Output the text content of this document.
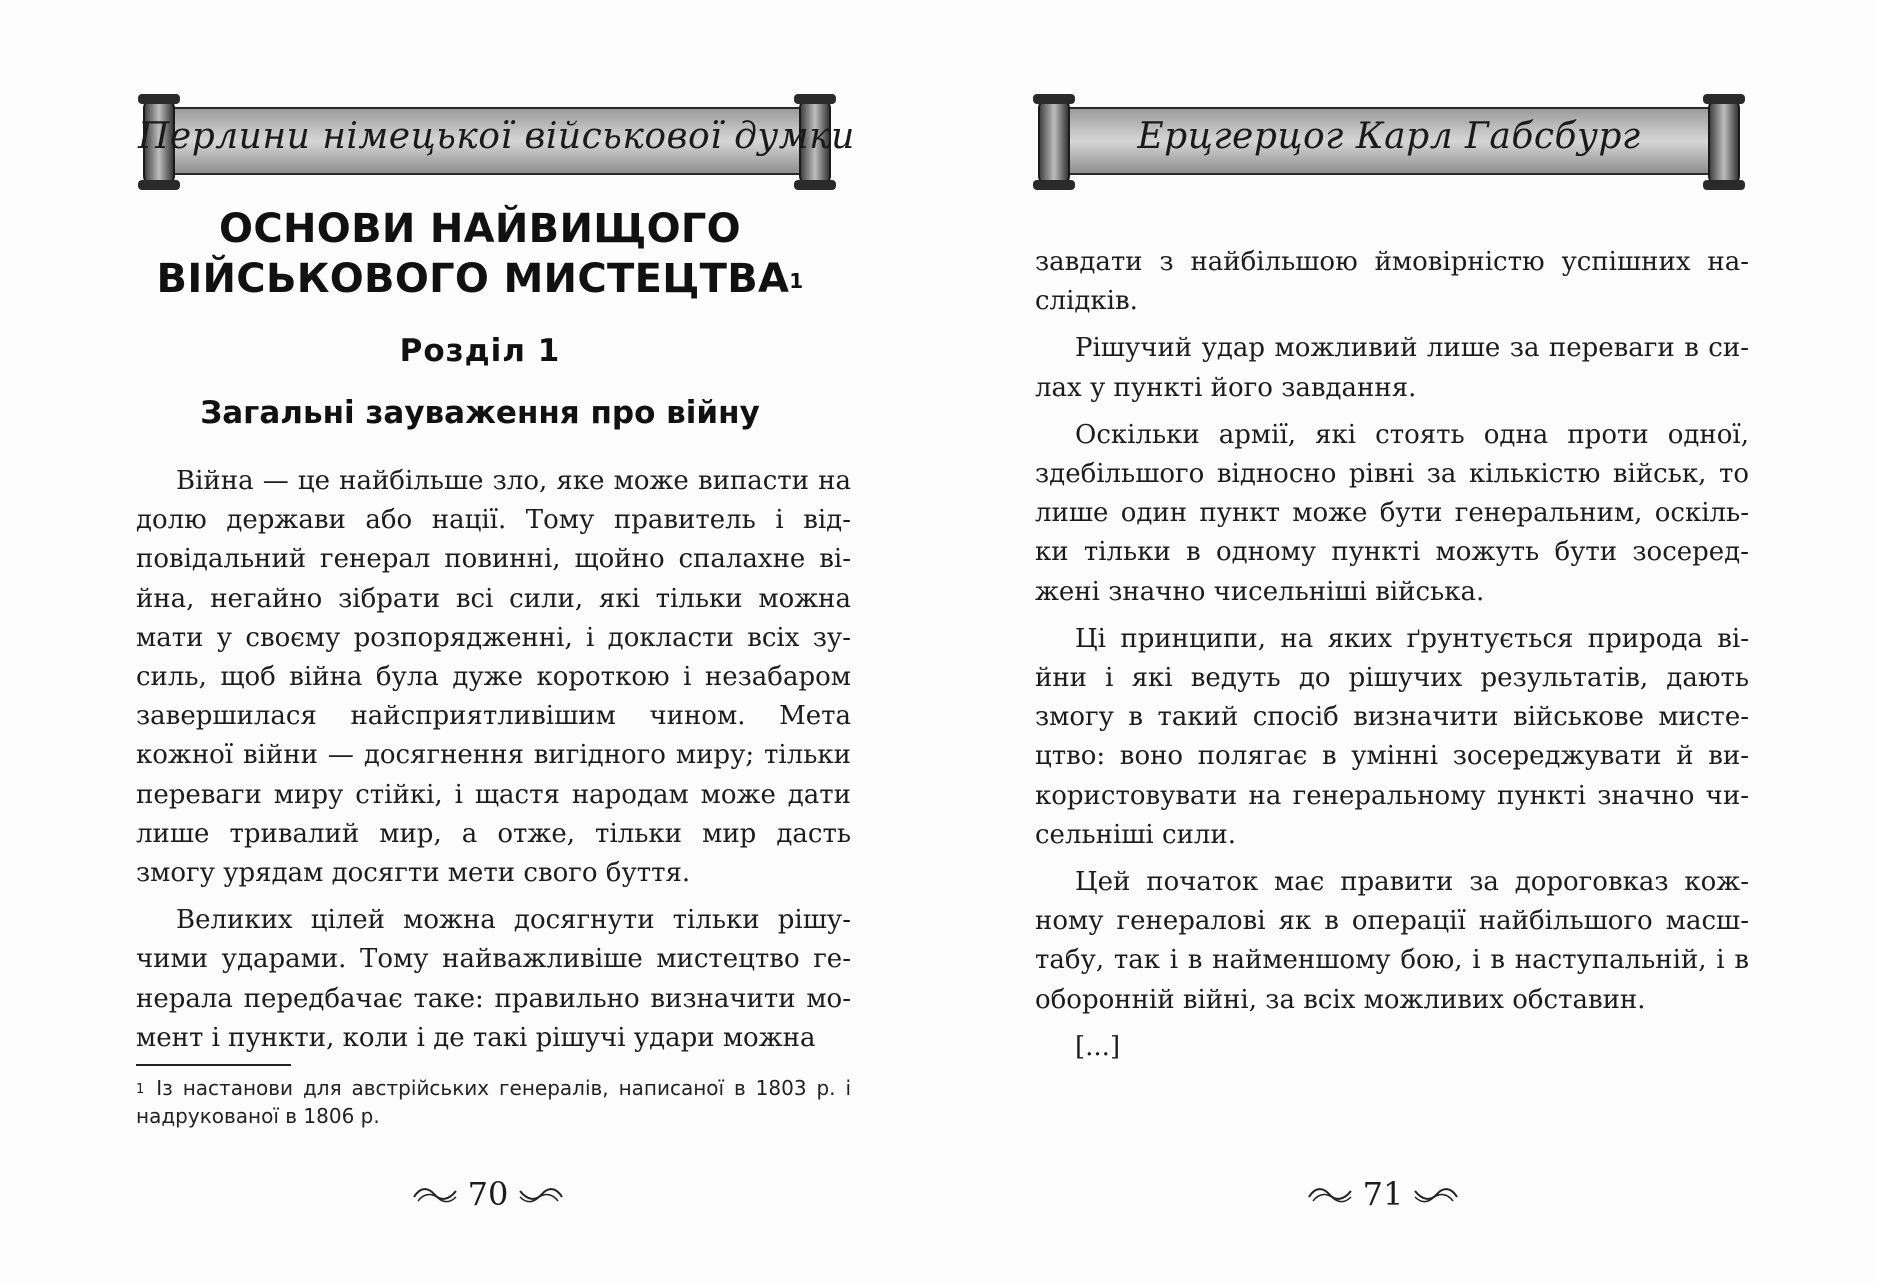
Перлини німецької військової думки
ОСНОВИ НАЙВИЩОГО
ВІЙСЬКОВОГО МИСТЕЦТВА$^1$
Розділ 1
Загальні зауваження про війну

Війна — це найбільше зло, яке може випасти на долю держави або нації. Тому правитель і відповідальний генерал повинні, щойно спалахне війна, негайно зібрати всі сили, які тільки можна мати у своєму розпорядженні, і докласти всіх зусиль, щоб війна була дуже короткою і незабаром завершилася найсприятливішим чином. Мета кожної війни — досягнення вигідного миру; тільки переваги миру стійкі, і щастя народам може дати лише тривалий мир, а отже, тільки мир дасть змогу урядам досягти мети свого буття.

Великих цілей можна досягнути тільки рішучими ударами. Тому найважливіше мистецтво генерала передбачає таке: правильно визначити момент і пункти, коли і де такі рішучі удари можна

$^1$ Із настанови для австрійських генералів, написаної в 1803 р. і надрукованої в 1806 р.
70
Ерцгерцог Карл Габсбург

завдати з найбільшою ймовірністю успішних наслідків.

Рішучий удар можливий лише за переваги в силах у пункті його завдання.

Оскільки армії, які стоять одна проти одної, здебільшого відносно рівні за кількістю військ, то лише один пункт може бути генеральним, оскільки тільки в одному пункті можуть бути зосереджені значно чисельніші війська.

Ці принципи, на яких ґрунтується природа війни і які ведуть до рішучих результатів, дають змогу в такий спосіб визначити військове мистецтво: воно полягає в умінні зосереджувати й використовувати на генеральному пункті значно чисельніші сили.

Цей початок має правити за дороговказ кожному генералові як в операції найбільшого масштабу, так і в найменшому бою, і в наступальній, і в оборонній війні, за всіх можливих обставин.

[...]

71
